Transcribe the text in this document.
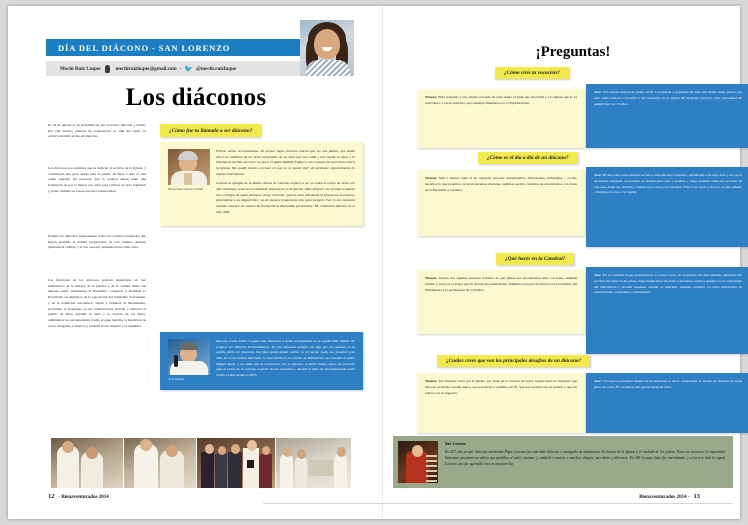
DÍA DEL DIÁCONO - SAN LORENZO
Mechi Ruiz Luque	mechiruizluque@gmail.com - 🐦 @mechi.ruizluque
Los diáconos

El 10 de agosto es la festividad de San Lorenzo, diácono y mártir. Por este motivo, además de conmemorar la vida del santo, se celebra también el día del diácono.

Los diáconos son hombres que se dedican al servicio de la Iglesia, y constituyen una gran ayuda para el pueblo de Dios. Como es una orden sagrada, las personas que la reciben deben tener una formación de por lo menos tres años para cultivar su vida espiritual y poder cumplir las tareas que les correspondan.

Pueden ser diáconos permanentes todos los varones bautizados que hayan recibido la debida preparación. Si son célibes, deberán permanecer célibes; y si son casados, permanecerán como tales.

Las funciones de los diáconos podrían sintetizarse en tres ministerios: de la liturgia, de la palabra y de la caridad. Entre sus deberes están: administrar el Bautismo; conservar y distribuir la Eucaristía; ser ministros de la exposición del Santísimo Sacramento y de la bendición eucarística; asistir y bendecir el Matrimonio; proclamar el Evangelio en las celebraciones; instruir y exhortar al pueblo de Dios; presidir el culto y la oración de los fieles; administrar los sacramentales (como el agua bendita, la bendición de casas, imágenes y objetos) y presidir el rito fúnebre y la sepultura.

¿Cómo fue tu llamado a ser diácono?
Wenceslao Gómez Caride

Fueron varias circunstancias. En primer lugar, tuvieron mucho que ver mis padres, que desde chico me hablaron de un Jesús encarnado, de un Dios que nos cuida y nos regala su amor y la libertad de decidir. Al crecer un poco, el padre Rodolfo Eufano y sus consejos me acercaron más a la Iglesia. Me ayudó mucho a pensar en que no se puede vivir sin perdonar, especialmente en nuestro matrimonio.

Gracias al ejemplo de la Madre Teresa de Calcuta, empecé a ver en todos el rostro de Jesús con más claridad y sentí la necesidad de anunciarlo en la Iglesia. Años después, me acerqué a hablar con el obispo de aquel entonces, Jorge Carreras. Quería estar allí donde la Iglesia me necesitara, poniéndome a su disposición y no de manera temporaria sino para siempre. Fue en ese momento cuando comencé un camino de formación al diaconado permanente. Me ordenaron diácono en el año 1999.

José Hamel

Allá por el año 1990, el padre Juan Martínez, a quien acompañaba en la capilla Niño Mártir, me propuso ser Ministro Extraordinario. En ese momento también me dijo que mi caminar en la capilla debía ser diaconal. Esa idea quedó dando vueltas en mi mente, hasta que pasados unos años leí en un boletín diocesano la inscripción en la escuela de Ministerios. La consulta al padre Miguel Ángel, y me pidió que lo conversara con el párroco, el padre Pedro, quien me presentó ante el rector de la escuela. A partir de ese momento y durante 8 años me fui preparando hasta recibir el diaconado en 2005.

¡Preguntas!
¿Cómo vivís tu vocación?
Wences: Bien tranquilo y con alegría, tratando de estar atento al Jesús que nos habla y a la Iglesia que se va renovando, a veces despacio, pero siempre iluminada por el Espíritu Santo.
José: Con mucha alegría de poder servir a la Iglesia y al pueblo de Dios allí donde Jesús quiera que esté, sobre todo en el servicio a mis hermanos en la capilla del Perpetuo Socorro, cuya comunidad me adoptó hace ya 13 años.
¿Cómo es el día a día de un diácono?
Wences: Más o menos como el de cualquier persona: desayunamos, almorzamos, trabajamos… en fin, hacemos lo que podemos. A veces hacemos macanas, pedimos perdón, tratamos de encontrarnos con Jesús en la Eucaristía y rezamos.
José: Mi día a día como diácono arranca cada día muy temprano, atendiendo a mi hija, armí y me voy a mi señora. Después, me preparo un tiempo para orar y meditar, y luego vendrán todas las acciones de una casa hasta las 18 horas, cuando voy a misa a la Catedral. Esto es de lunes a viernes, ya que sábado y domingo me voy a la capilla.
¿Qué hacés en la Catedral?
Wences: Charlo con algunas personas tratando de que juntos nos encontremos más con Jesús. Además bautizo y estoy en el grupo que da charlas pre-bautismales. También es propio del diácono el sacramento del Matrimonio y la predicación de la Palabra.
José: En la Catedral tengo generalmente el primer turno de bautismos los días sábados, participo del servicio del altar en las misas, hago bendiciones de casas y personas, asisto a parejas en la celebración del matrimonio y presido exequias cuando se solicitan. Además colaboro en otras parroquias en celebraciones, bautismos y casamientos.
¿Cuáles creés que son los principales desafíos de un diácono?
Wences: Son muchos: rezar por la Iglesia, por Jesús en el corazón de todos, repetir hasta el cansancio que Dios no esclaviza a nadie nunca, que nos invita a caminar con Él, que nos acaricia con su ternura y que los pobres son su urgencia.
José: Creo que el principal desafío de los diáconos es hacer comprender su misión de elegidos de Jesús para ser, como Él, servidores del pueblo Santo de Dios.
San Lorenzo
En 257, año en que Sixto fue nombrado Papa, Lorenzo fue ordenado diácono y encargado de administrar los bienes de la Iglesia y el cuidado de los pobres. Para ese entonces, el emperador Valeriano proclamó un edicto que prohibía el culto cristiano y condenó a muerte a muchos obispos, sacerdotes y diáconos. En 258 el papa Sixto fue martirizado, y a los tres días lo siguió Lorenzo, que fue quemado vivo en una parrilla.
12 - Bienaventurados 2014	Bienaventurados 2014 - 13
